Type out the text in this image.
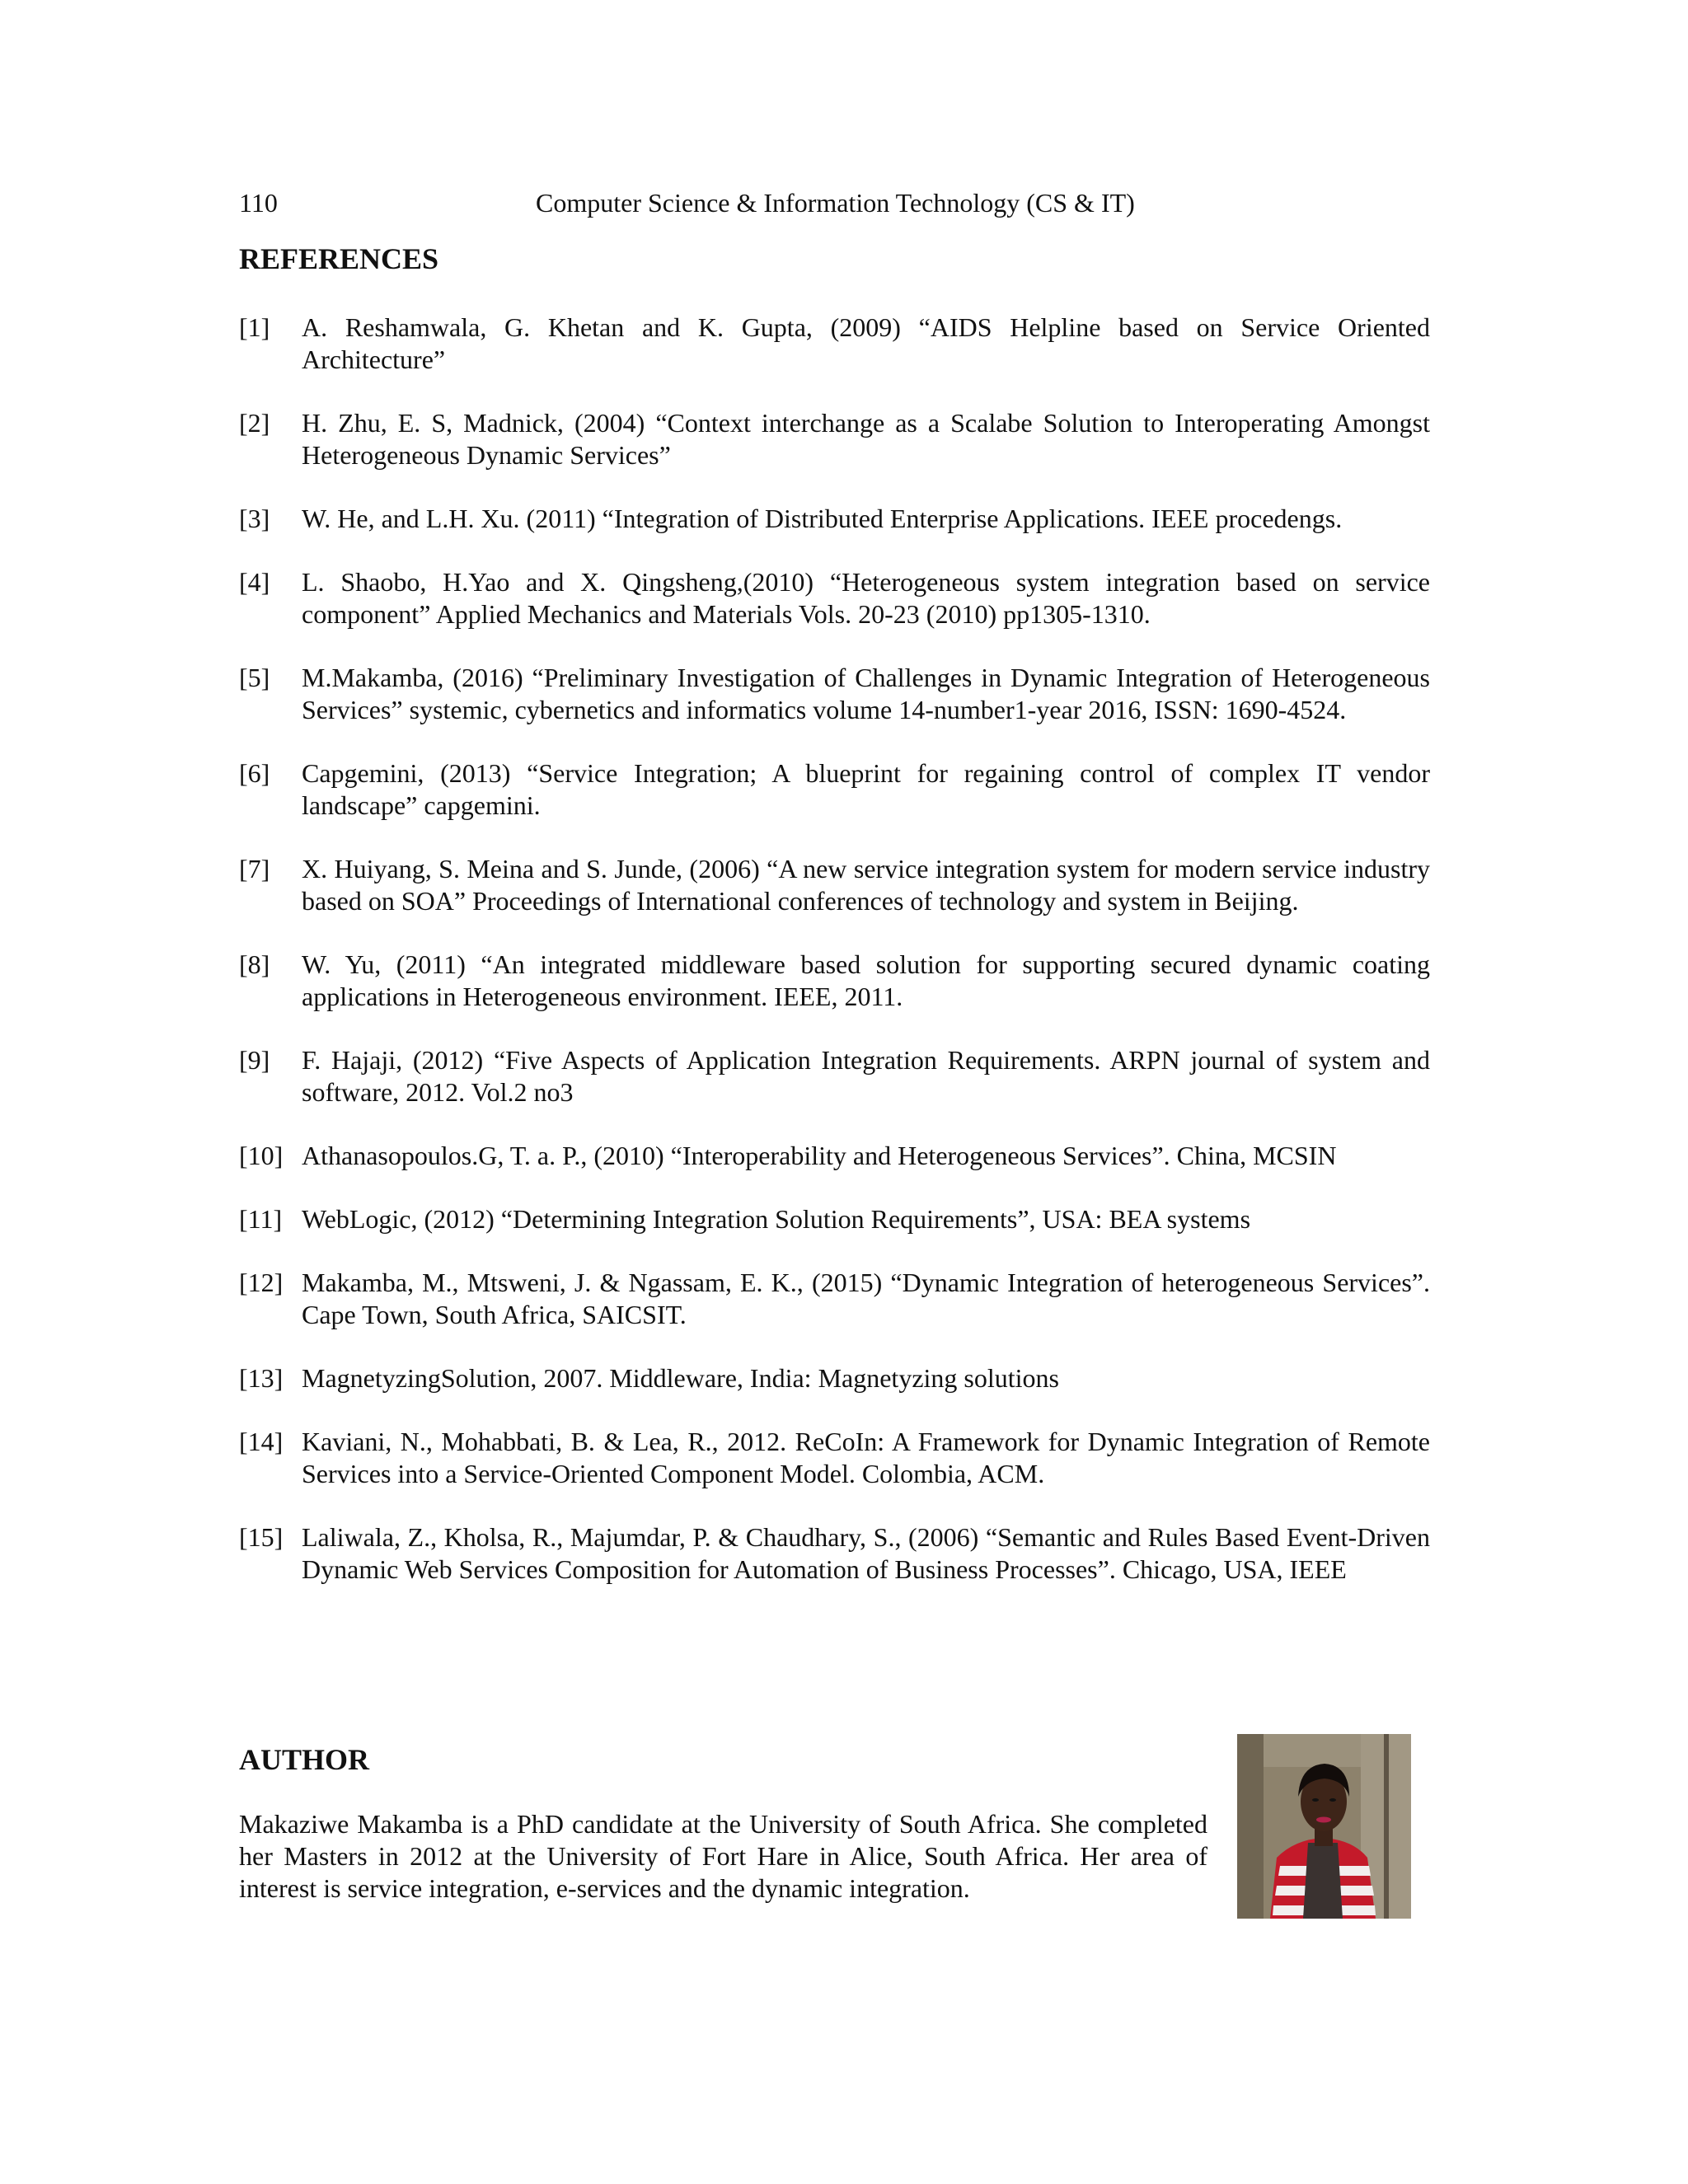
110	Computer Science & Information Technology (CS & IT)
REFERENCES
[1] A. Reshamwala, G. Khetan and K. Gupta, (2009) “AIDS Helpline based on Service Oriented Architecture”
[2] H. Zhu, E. S, Madnick, (2004) “Context interchange as a Scalabe Solution to Interoperating Amongst Heterogeneous Dynamic Services”
[3] W. He, and L.H. Xu. (2011) “Integration of Distributed Enterprise Applications. IEEE procedengs.
[4] L. Shaobo, H.Yao and X. Qingsheng,(2010) “Heterogeneous system integration based on service component” Applied Mechanics and Materials Vols. 20-23 (2010) pp1305-1310.
[5] M.Makamba, (2016) “Preliminary Investigation of Challenges in Dynamic Integration of Heterogeneous Services” systemic, cybernetics and informatics volume 14-number1-year 2016, ISSN: 1690-4524.
[6] Capgemini, (2013) “Service Integration; A blueprint for regaining control of complex IT vendor landscape” capgemini.
[7] X. Huiyang, S. Meina and S. Junde, (2006) “A new service integration system for modern service industry based on SOA” Proceedings of International conferences of technology and system in Beijing.
[8] W. Yu, (2011) “An integrated middleware based solution for supporting secured dynamic coating applications in Heterogeneous environment. IEEE, 2011.
[9] F. Hajaji, (2012) “Five Aspects of Application Integration Requirements. ARPN journal of system and software, 2012. Vol.2 no3
[10] Athanasopoulos.G, T. a. P., (2010) “Interoperability and Heterogeneous Services”. China, MCSIN
[11] WebLogic, (2012) “Determining Integration Solution Requirements”, USA: BEA systems
[12] Makamba, M., Mtsweni, J. & Ngassam, E. K., (2015) “Dynamic Integration of heterogeneous Services”. Cape Town, South Africa, SAICSIT.
[13] MagnetyzingSolution, 2007. Middleware, India: Magnetyzing solutions
[14] Kaviani, N., Mohabbati, B. & Lea, R., 2012. ReCoIn: A Framework for Dynamic Integration of Remote Services into a Service-Oriented Component Model. Colombia, ACM.
[15] Laliwala, Z., Kholsa, R., Majumdar, P. & Chaudhary, S., (2006) “Semantic and Rules Based Event-Driven Dynamic Web Services Composition for Automation of Business Processes”. Chicago, USA, IEEE
AUTHOR
Makaziwe Makamba is a PhD candidate at the University of South Africa. She completed her Masters in 2012 at the University of Fort Hare in Alice, South Africa. Her area of interest is service integration, e-services and the dynamic integration.
